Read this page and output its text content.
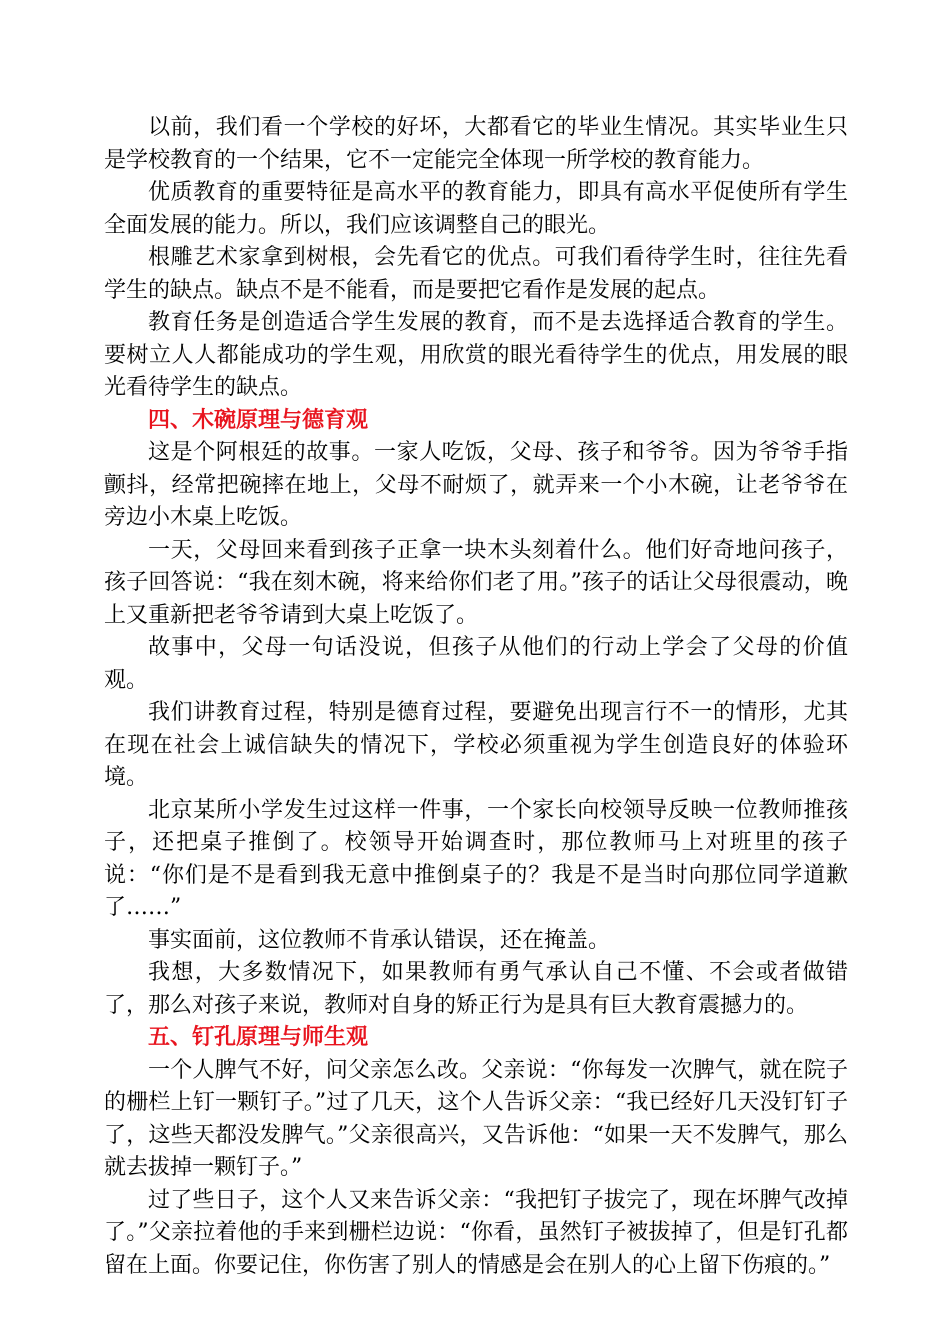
以前，我们看一个学校的好坏，大都看它的毕业生情况。其实毕业生只是学校教育的一个结果，它不一定能完全体现一所学校的教育能力。

优质教育的重要特征是高水平的教育能力，即具有高水平促使所有学生全面发展的能力。所以，我们应该调整自己的眼光。

根雕艺术家拿到树根，会先看它的优点。可我们看待学生时，往往先看学生的缺点。缺点不是不能看，而是要把它看作是发展的起点。

教育任务是创造适合学生发展的教育，而不是去选择适合教育的学生。要树立人人都能成功的学生观，用欣赏的眼光看待学生的优点，用发展的眼光看待学生的缺点。

四、木碗原理与德育观

这是个阿根廷的故事。一家人吃饭，父母、孩子和爷爷。因为爷爷手指颤抖，经常把碗摔在地上，父母不耐烦了，就弄来一个小木碗，让老爷爷在旁边小木桌上吃饭。

一天，父母回来看到孩子正拿一块木头刻着什么。他们好奇地问孩子，孩子回答说：“我在刻木碗，将来给你们老了用。”孩子的话让父母很震动，晚上又重新把老爷爷请到大桌上吃饭了。

故事中，父母一句话没说，但孩子从他们的行动上学会了父母的价值观。

我们讲教育过程，特别是德育过程，要避免出现言行不一的情形，尤其在现在社会上诚信缺失的情况下，学校必须重视为学生创造良好的体验环境。

北京某所小学发生过这样一件事，一个家长向校领导反映一位教师推孩子，还把桌子推倒了。校领导开始调查时，那位教师马上对班里的孩子说：“你们是不是看到我无意中推倒桌子的？我是不是当时向那位同学道歉了……”

事实面前，这位教师不肯承认错误，还在掩盖。

我想，大多数情况下，如果教师有勇气承认自己不懂、不会或者做错了，那么对孩子来说，教师对自身的矫正行为是具有巨大教育震撼力的。

五、钉孔原理与师生观

一个人脾气不好，问父亲怎么改。父亲说：“你每发一次脾气，就在院子的栅栏上钉一颗钉子。”过了几天，这个人告诉父亲：“我已经好几天没钉钉子了，这些天都没发脾气。”父亲很高兴，又告诉他：“如果一天不发脾气，那么就去拔掉一颗钉子。”

过了些日子，这个人又来告诉父亲：“我把钉子拔完了，现在坏脾气改掉了。”父亲拉着他的手来到栅栏边说：“你看，虽然钉子被拔掉了，但是钉孔都留在上面。你要记住，你伤害了别人的情感是会在别人的心上留下伤痕的。”
